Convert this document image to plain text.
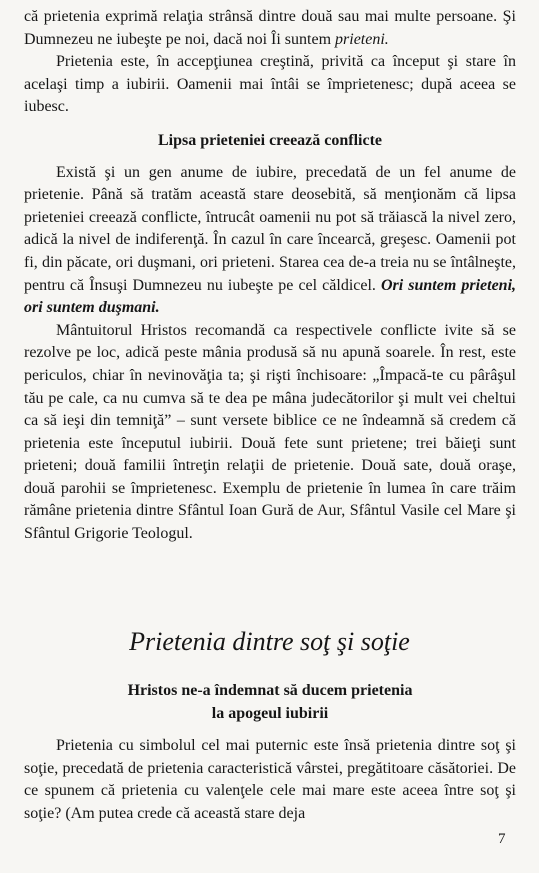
că prietenia exprimă relaţia strânsă dintre două sau mai multe persoane. Şi Dumnezeu ne iubeşte pe noi, dacă noi Îi suntem prieteni.

Prietenia este, în accepţiunea creştină, privită ca început şi stare în acelaşi timp a iubirii. Oamenii mai întâi se împrietenesc; după aceea se iubesc.

Lipsa prieteniei creează conflicte

Există şi un gen anume de iubire, precedată de un fel anume de prietenie. Până să tratăm această stare deosebită, să menţionăm că lipsa prieteniei creează conflicte, întrucât oamenii nu pot să trăiască la nivel zero, adică la nivel de indiferenţă. În cazul în care încearcă, greşesc. Oamenii pot fi, din păcate, ori duşmani, ori prieteni. Starea cea de-a treia nu se întâlneşte, pentru că Însuşi Dumnezeu nu iubeşte pe cel căldicel. Ori suntem prieteni, ori suntem duşmani.

Mântuitorul Hristos recomandă ca respectivele conflicte ivite să se rezolve pe loc, adică peste mânia produsă să nu apună soarele. În rest, este periculos, chiar în nevinovăţia ta; şi rişti închisoare: „Împacă-te cu pârâşul tău pe cale, ca nu cumva să te dea pe mâna judecătorilor şi mult vei cheltui ca să ieşi din temniţă” – sunt versete biblice ce ne îndeamnă să credem că prietenia este începutul iubirii. Două fete sunt prietene; trei băieţi sunt prieteni; două familii întreţin relaţii de prietenie. Două sate, două oraşe, două parohii se împrietenesc. Exemplu de prietenie în lumea în care trăim rămâne prietenia dintre Sfântul Ioan Gură de Aur, Sfântul Vasile cel Mare şi Sfântul Grigorie Teologul.

Prietenia dintre soţ şi soţie

Hristos ne-a îndemnat să ducem prietenia

la apogeul iubirii

Prietenia cu simbolul cel mai puternic este însă prietenia dintre soţ şi soţie, precedată de prietenia caracteristică vârstei, pregătitoare căsătoriei. De ce spunem că prietenia cu valenţele cele mai mare este aceea între soţ şi soţie? (Am putea crede că această stare deja

7
